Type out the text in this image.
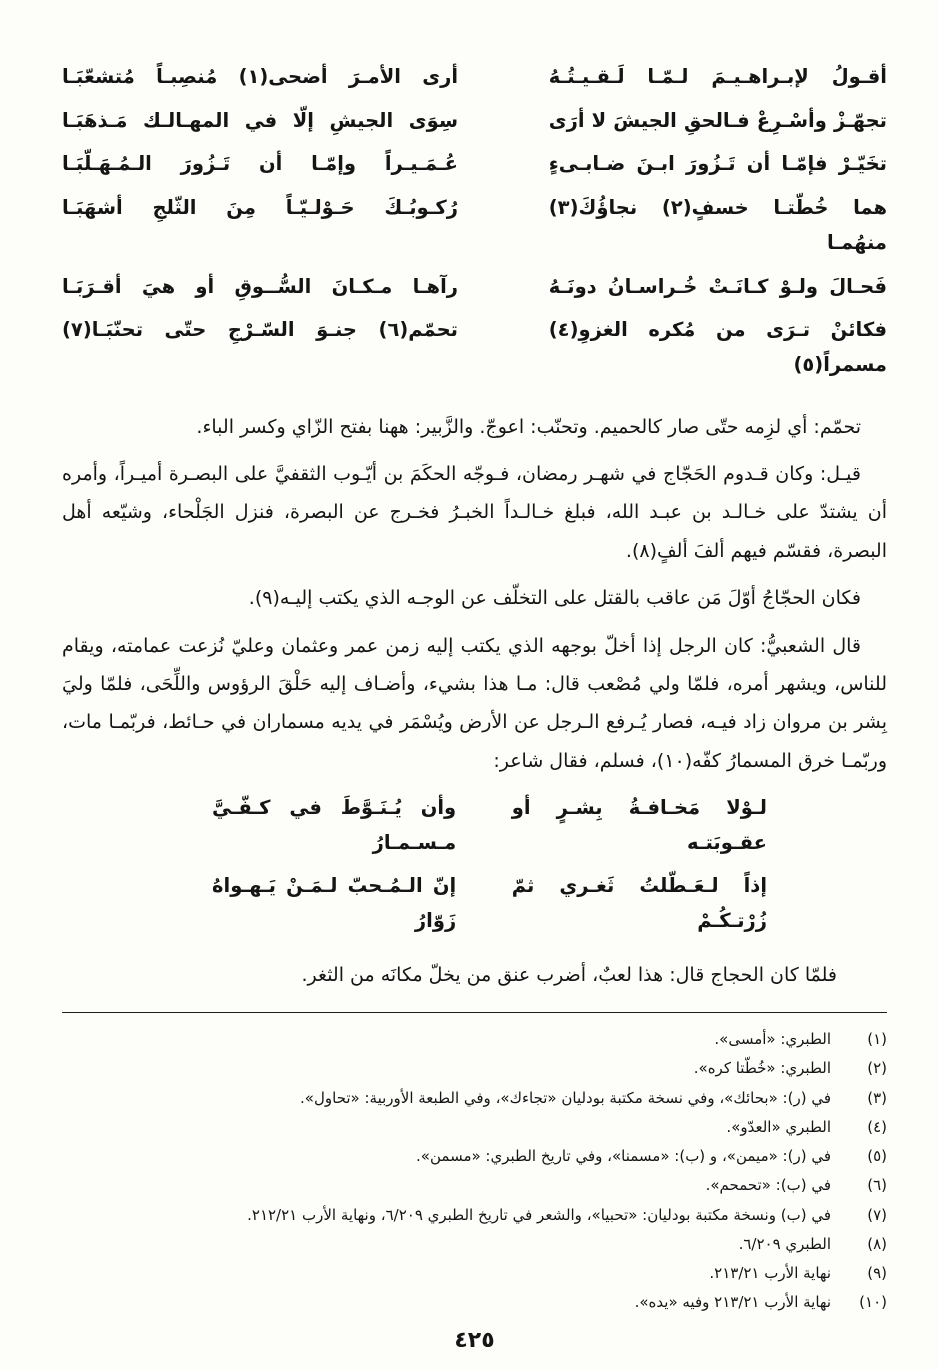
أقـولُ لإبـراهـيـمَ لـمّـا لَـقـيـتُـهُ
أرى الأمـرَ أضحى(١) مُنصِبـاً مُتشعّبَـا
تجهّـزْ وأسْـرِعْ فـالحقِ الجيشَ لا أرَى
سِوَى الجيشِ إلّا في المهـالـك مَـذهَبَـا
تخَيّـرْ فإمّـا أن تَـزُورَ ابـنَ ضـابـىءٍ
عُـمَـيـراً وإمّـا أن تَـزُورَ الـمُـهَـلّبَـا
هما خُطّتـا خسفٍ(٢) نجاؤُكَ(٣) منهُمـا
رُكـوبُـكَ حَـوْلـيّـاً مِنَ الثّلجِ أشهَبَـا
فَحـالَ ولـوْ كـانَـتْ خُـراسـانُ دونَـهُ
رآهـا مـكـانَ السُّــوقِ أو هيَ أقـرَبَـا
فكائنْ تـرَى من مُكره الغزوِ(٤) مسمراً(٥)
تحمّم(٦) جنـوَ السّـرْجِ حتّى تحنّبَـا(٧)

تحمّم: أي لزِمه حتّى صار كالحميم. وتحنّب: اعوجّ. والزَّبير: ههنا بفتح الزّاي وكسر الباء.

قيـل: وكان قـدوم الحَجّاج في شهـر رمضان، فـوجّه الحكَمَ بن أيّـوب الثقفيَّ على البصـرة أميـراً، وأمره أن يشتدّ على خـالـد بن عبـد الله، فبلغ خـالـداً الخبـرُ فخـرج عن البصرة، فنزل الجَلْحاء، وشيّعه أهل البصرة، فقسّم فيهم ألفَ ألفٍ(٨).

فكان الحجّاجُ أوّلَ مَن عاقب بالقتل على التخلّف عن الوجـه الذي يكتب إليـه(٩).

قال الشعبيُّ: كان الرجل إذا أخلّ بوجهه الذي يكتب إليه زمن عمر وعثمان وعليّ نُزعت عمامته، ويقام للناس، ويشهر أمره، فلمّا ولي مُصْعب قال: مـا هذا بشيء، وأضـاف إليه حَلْقَ الرؤوس واللِّحَى، فلمّا وليَ بِشر بن مروان زاد فيـه، فصار يُـرفع الـرجل عن الأرض ويُسْمَر في يديه مسماران في حـائط، فربّمـا مات، وربّمـا خرق المسمارُ كفّه(١٠)، فسلم، فقال شاعر:

لـوْلا مَخـافـةُ بِشـرٍ أو عقـوبَتـه
وأن يُـنَـوَّطَ في كـفّـيَّ مـسـمـارُ
إذاً لـعَـطّلتُ ثَغـري ثمّ زُرْتـكُـمْ
إنّ الـمُـحبّ لـمَـنْ يَـهـواهُ زَوّارُ

فلمّا كان الحجاج قال: هذا لعبٌ، أضرب عنق من يخلّ مكانَه من الثغر.

(١)
الطبري: «أمسى».
(٢)
الطبري: «خُطّتا كره».
(٣)
في (ر): «بحائك»، وفي نسخة مكتبة بودليان «تجاءك»، وفي الطبعة الأوربية: «تحاول».
(٤)
الطبري «العدّو».
(٥)
في (ر): «ميمن»، و (ب): «مسمنا»، وفي تاريخ الطبري: «مسمن».
(٦)
في (ب): «تحمحم».
(٧)
في (ب) ونسخة مكتبة بودليان: «تحبيا»، والشعر في تاريخ الطبري ٦/٢٠٩، ونهاية الأرب ٢١٢/٢١.
(٨)
الطبري ٦/٢٠٩.
(٩)
نهاية الأرب ٢١٣/٢١.
(١٠)
نهاية الأرب ٢١٣/٢١ وفيه «يده».
٤٢٥
